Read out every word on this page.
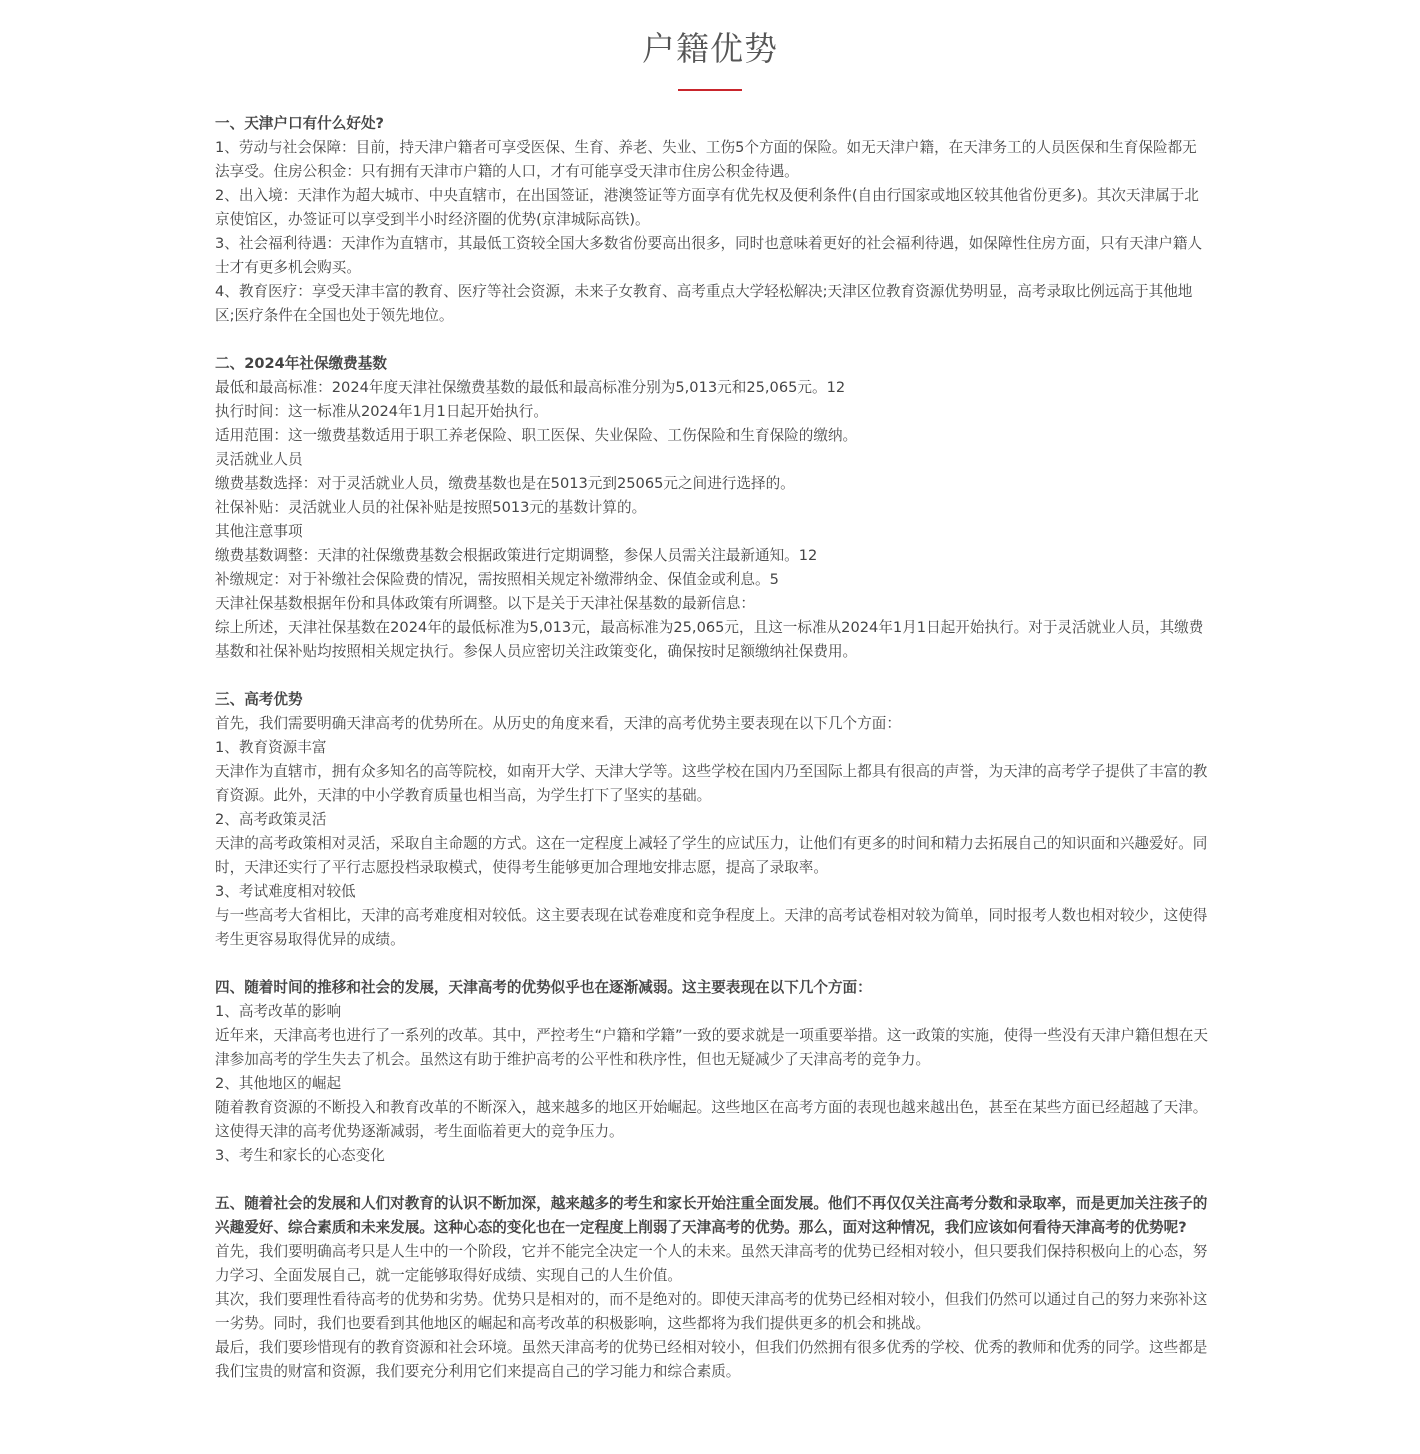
户籍优势

一、天津户口有什么好处?

1、劳动与社会保障：目前，持天津户籍者可享受医保、生育、养老、失业、工伤5个方面的保险。如无天津户籍，在天津务工的人员医保和生育保险都无法享受。住房公积金：只有拥有天津市户籍的人口，才有可能享受天津市住房公积金待遇。

2、出入境：天津作为超大城市、中央直辖市，在出国签证，港澳签证等方面享有优先权及便利条件(自由行国家或地区较其他省份更多)。其次天津属于北京使馆区，办签证可以享受到半小时经济圈的优势(京津城际高铁)。

3、社会福利待遇：天津作为直辖市，其最低工资较全国大多数省份要高出很多，同时也意味着更好的社会福利待遇，如保障性住房方面，只有天津户籍人士才有更多机会购买。

4、教育医疗：享受天津丰富的教育、医疗等社会资源，未来子女教育、高考重点大学轻松解决;天津区位教育资源优势明显，高考录取比例远高于其他地区;医疗条件在全国也处于领先地位。

二、2024年社保缴费基数

最低和最高标准：2024年度天津社保缴费基数的最低和最高标准分别为5,013元和25,065元。12

执行时间：这一标准从2024年1月1日起开始执行。

适用范围：这一缴费基数适用于职工养老保险、职工医保、失业保险、工伤保险和生育保险的缴纳。

灵活就业人员

缴费基数选择：对于灵活就业人员，缴费基数也是在5013元到25065元之间进行选择的。

社保补贴：灵活就业人员的社保补贴是按照5013元的基数计算的。

其他注意事项

缴费基数调整：天津的社保缴费基数会根据政策进行定期调整，参保人员需关注最新通知。12

补缴规定：对于补缴社会保险费的情况，需按照相关规定补缴滞纳金、保值金或利息。5

天津社保基数根据年份和具体政策有所调整。以下是关于天津社保基数的最新信息：

综上所述，天津社保基数在2024年的最低标准为5,013元，最高标准为25,065元，且这一标准从2024年1月1日起开始执行。对于灵活就业人员，其缴费基数和社保补贴均按照相关规定执行。参保人员应密切关注政策变化，确保按时足额缴纳社保费用。

三、高考优势

首先，我们需要明确天津高考的优势所在。从历史的角度来看，天津的高考优势主要表现在以下几个方面：

1、教育资源丰富

天津作为直辖市，拥有众多知名的高等院校，如南开大学、天津大学等。这些学校在国内乃至国际上都具有很高的声誉，为天津的高考学子提供了丰富的教育资源。此外，天津的中小学教育质量也相当高，为学生打下了坚实的基础。

2、高考政策灵活

天津的高考政策相对灵活，采取自主命题的方式。这在一定程度上减轻了学生的应试压力，让他们有更多的时间和精力去拓展自己的知识面和兴趣爱好。同时，天津还实行了平行志愿投档录取模式，使得考生能够更加合理地安排志愿，提高了录取率。

3、考试难度相对较低

与一些高考大省相比，天津的高考难度相对较低。这主要表现在试卷难度和竞争程度上。天津的高考试卷相对较为简单，同时报考人数也相对较少，这使得考生更容易取得优异的成绩。

四、随着时间的推移和社会的发展，天津高考的优势似乎也在逐渐减弱。这主要表现在以下几个方面：

1、高考改革的影响

近年来，天津高考也进行了一系列的改革。其中，严控考生“户籍和学籍”一致的要求就是一项重要举措。这一政策的实施，使得一些没有天津户籍但想在天津参加高考的学生失去了机会。虽然这有助于维护高考的公平性和秩序性，但也无疑减少了天津高考的竞争力。

2、其他地区的崛起

随着教育资源的不断投入和教育改革的不断深入，越来越多的地区开始崛起。这些地区在高考方面的表现也越来越出色，甚至在某些方面已经超越了天津。这使得天津的高考优势逐渐减弱，考生面临着更大的竞争压力。

3、考生和家长的心态变化

五、随着社会的发展和人们对教育的认识不断加深，越来越多的考生和家长开始注重全面发展。他们不再仅仅关注高考分数和录取率，而是更加关注孩子的兴趣爱好、综合素质和未来发展。这种心态的变化也在一定程度上削弱了天津高考的优势。那么，面对这种情况，我们应该如何看待天津高考的优势呢?

首先，我们要明确高考只是人生中的一个阶段，它并不能完全决定一个人的未来。虽然天津高考的优势已经相对较小，但只要我们保持积极向上的心态，努力学习、全面发展自己，就一定能够取得好成绩、实现自己的人生价值。

其次，我们要理性看待高考的优势和劣势。优势只是相对的，而不是绝对的。即使天津高考的优势已经相对较小，但我们仍然可以通过自己的努力来弥补这一劣势。同时，我们也要看到其他地区的崛起和高考改革的积极影响，这些都将为我们提供更多的机会和挑战。

最后，我们要珍惜现有的教育资源和社会环境。虽然天津高考的优势已经相对较小，但我们仍然拥有很多优秀的学校、优秀的教师和优秀的同学。这些都是我们宝贵的财富和资源，我们要充分利用它们来提高自己的学习能力和综合素质。
